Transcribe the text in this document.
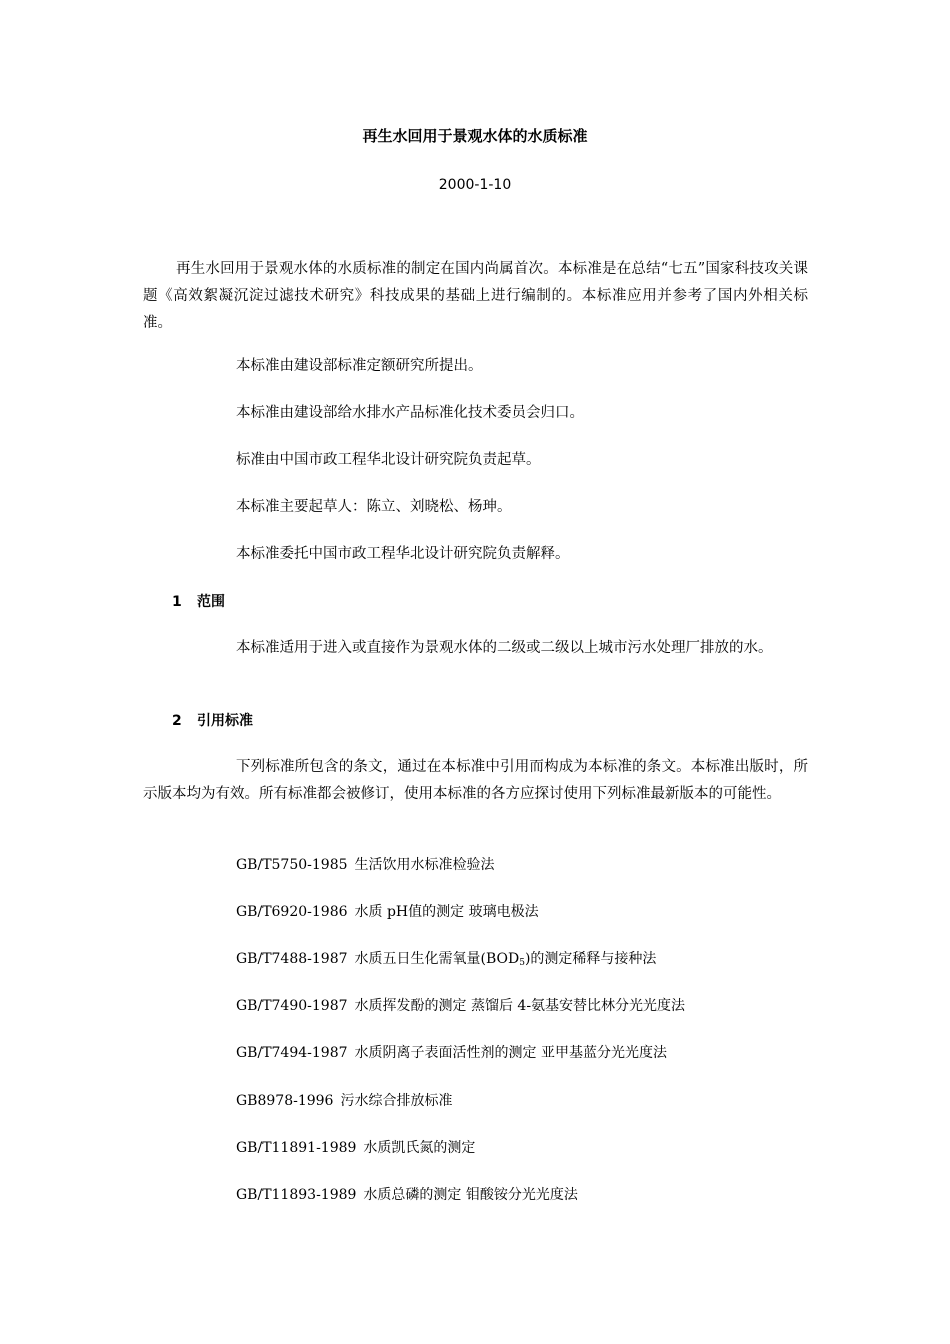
再生水回用于景观水体的水质标准
2000-1-10

再生水回用于景观水体的水质标准的制定在国内尚属首次。本标准是在总结“七五”国家科技攻关课题《高效絮凝沉淀过滤技术研究》科技成果的基础上进行编制的。本标准应用并参考了国内外相关标准。

本标准由建设部标准定额研究所提出。
本标准由建设部给水排水产品标准化技术委员会归口。
标准由中国市政工程华北设计研究院负责起草。
本标准主要起草人：陈立、刘晓松、杨珅。
本标准委托中国市政工程华北设计研究院负责解释。
1 范围

本标准适用于进入或直接作为景观水体的二级或二级以上城市污水处理厂排放的水。

2 引用标准

下列标准所包含的条文，通过在本标准中引用而构成为本标准的条文。本标准出版时，所示版本均为有效。所有标准都会被修订，使用本标准的各方应探讨使用下列标准最新版本的可能性。

GB/T5750-1985 生活饮用水标准检验法
GB/T6920-1986 水质 pH值的测定 玻璃电极法
GB/T7488-1987 水质五日生化需氧量$(BOD_5)$的测定稀释与接种法
GB/T7490-1987 水质挥发酚的测定 蒸馏后 4-氨基安替比林分光光度法
GB/T7494-1987 水质阴离子表面活性剂的测定 亚甲基蓝分光光度法
GB8978-1996 污水综合排放标准
GB/T11891-1989 水质凯氏氮的测定
GB/T11893-1989 水质总磷的测定 钼酸铵分光光度法
